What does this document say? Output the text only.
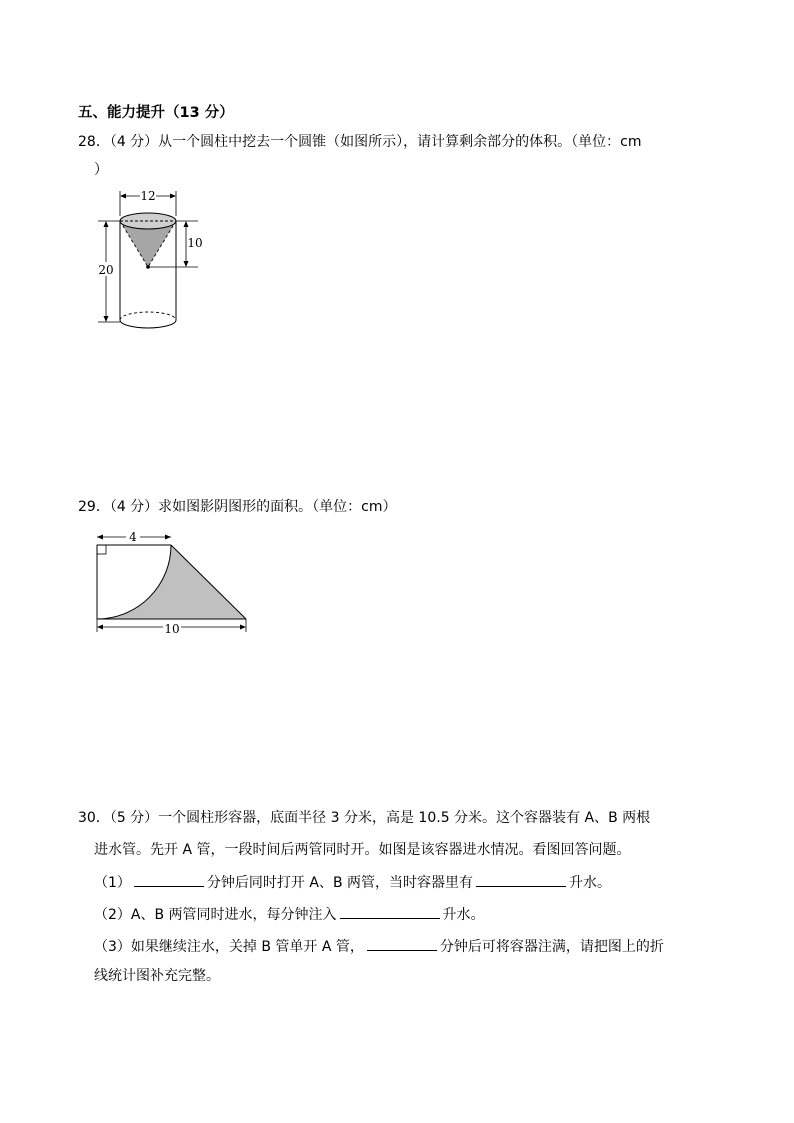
五、能力提升（13 分）
28．（4 分）从一个圆柱中挖去一个圆锥（如图所示），请计算剩余部分的体积。（单位：cm
）
12
20
10
29．（4 分）求如图影阴图形的面积。（单位：cm）
4
10
30．（5 分）一个圆柱形容器，底面半径 3 分米，高是 10.5 分米。这个容器装有 A、B 两根
进水管。先开 A 管，一段时间后两管同时开。如图是该容器进水情况。看图回答问题。
（1）	分钟后同时打开 A、B 两管，当时容器里有	升水。
（2）A、B 两管同时进水，每分钟注入	升水。
（3）如果继续注水，关掉 B 管单开 A 管，	分钟后可将容器注满，请把图上的折
线统计图补充完整。
